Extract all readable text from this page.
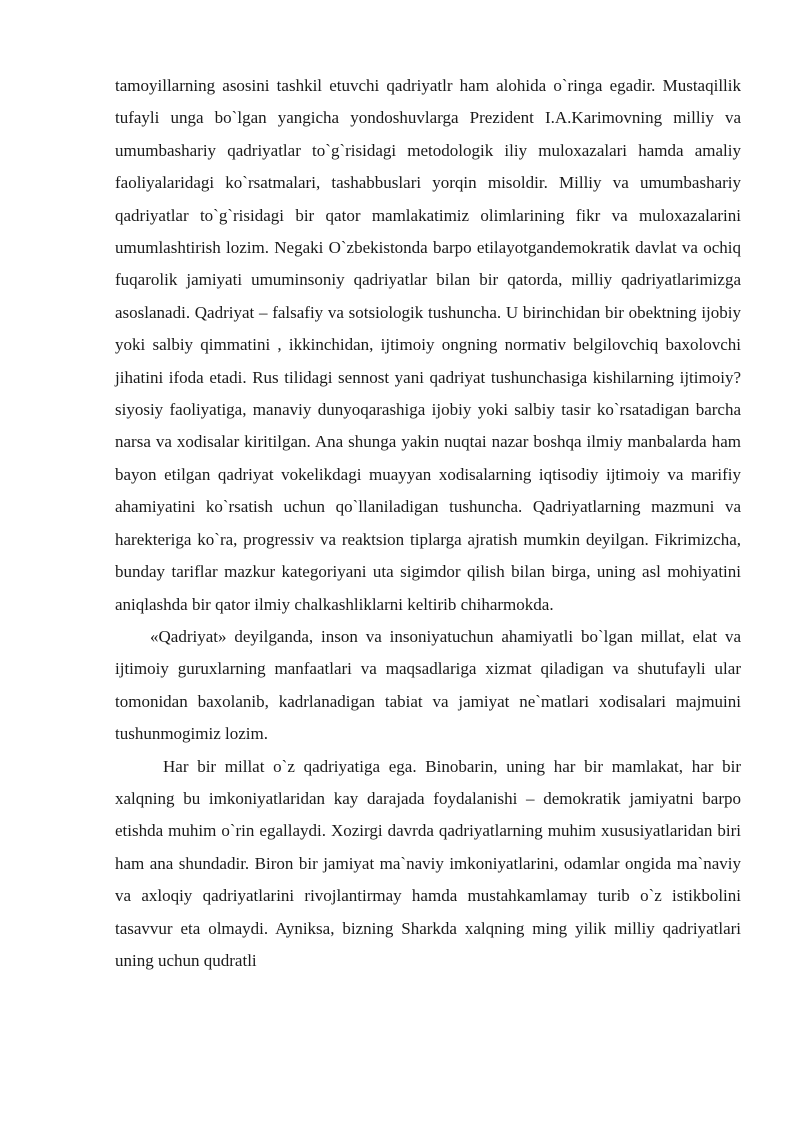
tamoyillarning asosini tashkil etuvchi qadriyatlr ham alohida o`ringa egadir. Mustaqillik tufayli unga bo`lgan yangicha yondoshuvlarga Prezident I.A.Karimovning milliy va umumbashariy qadriyatlar to`g`risidagi metodologik iliy muloxazalari hamda amaliy faoliyalaridagi ko`rsatmalari, tashabbuslari yorqin misoldir. Milliy va umumbashariy qadriyatlar to`g`risidagi bir qator mamlakatimiz olimlarining fikr va muloxazalarini umumlashtirish lozim. Negaki O`zbekistonda barpo etilayotgandemokratik davlat va ochiq fuqarolik jamiyati umuminsoniy qadriyatlar bilan bir qatorda, milliy qadriyatlarimizga asoslanadi. Qadriyat – falsafiy va sotsiologik tushuncha. U birinchidan bir obektning ijobiy yoki salbiy qimmatini , ikkinchidan, ijtimoiy ongning normativ belgilovchiq baxolovchi jihatini ifoda etadi. Rus tilidagi sennost yani qadriyat tushunchasiga kishilarning ijtimoiy?siyosiy faoliyatiga, manaviy dunyoqarashiga ijobiy yoki salbiy tasir ko`rsatadigan barcha narsa va xodisalar kiritilgan. Ana shunga yakin nuqtai nazar boshqa ilmiy manbalarda ham bayon etilgan qadriyat vokelikdagi muayyan xodisalarning iqtisodiy ijtimoiy va marifiy ahamiyatini ko`rsatish uchun qo`llaniladigan tushuncha. Qadriyatlarning mazmuni va harekteriga ko`ra, progressiv va reaktsion tiplarga ajratish mumkin deyilgan. Fikrimizcha, bunday tariflar mazkur kategoriyani uta sigimdor qilish bilan birga, uning asl mohiyatini aniqlashda bir qator ilmiy chalkashliklarni keltirib chiharmokda.

«Qadriyat» deyilganda, inson va insoniyatuchun ahamiyatli bo`lgan millat, elat va ijtimoiy guruxlarning manfaatlari va maqsadlariga xizmat qiladigan va shutufayli ular tomonidan baxolanib, kadrlanadigan tabiat va jamiyat ne`matlari xodisalari majmuini tushunmogimiz lozim.

Har bir millat o`z qadriyatiga ega. Binobarin, uning har bir mamlakat, har bir xalqning bu imkoniyatlaridan kay darajada foydalanishi – demokratik jamiyatni barpo etishda muhim o`rin egallaydi. Xozirgi davrda qadriyatlarning muhim xususiyatlaridan biri ham ana shundadir. Biron bir jamiyat ma`naviy imkoniyatlarini, odamlar ongida ma`naviy va axloqiy qadriyatlarini rivojlantirmay hamda mustahkamlamay turib o`z istikbolini tasavvur eta olmaydi. Ayniksa, bizning Sharkda xalqning ming yilik milliy qadriyatlari uning uchun qudratli
